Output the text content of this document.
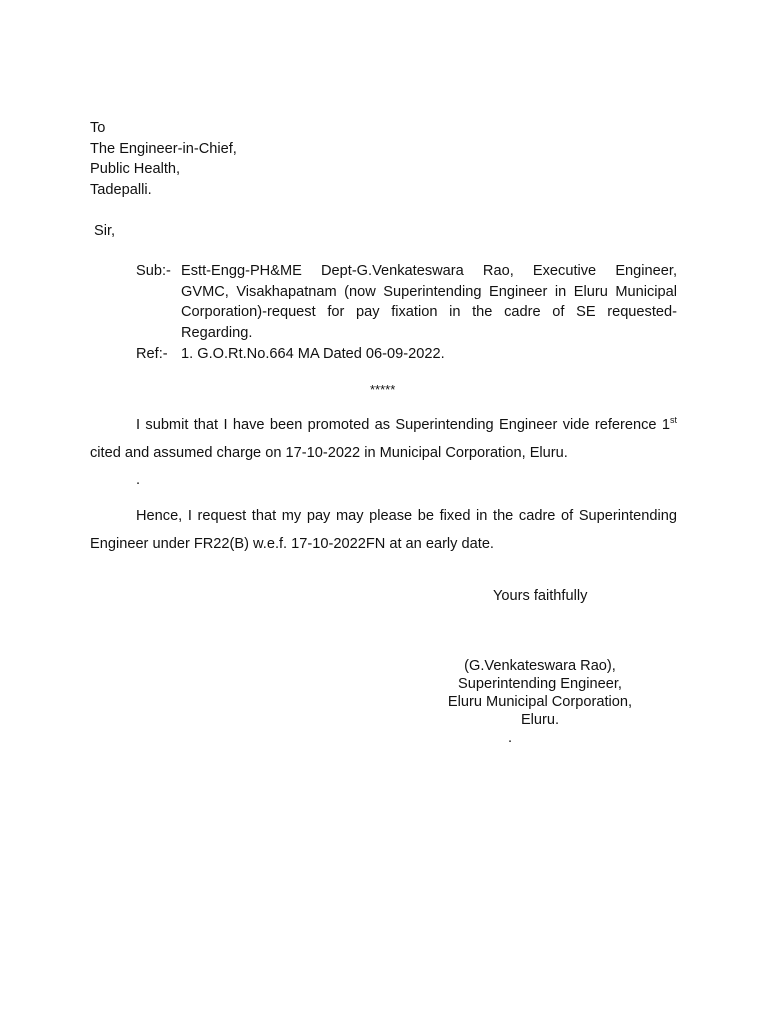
To
The Engineer-in-Chief,
Public Health,
Tadepalli.
Sir,
Sub:- Estt-Engg-PH&ME Dept-G.Venkateswara Rao, Executive Engineer,
GVMC, Visakhapatnam (now Superintending Engineer in Eluru Municipal
Corporation)-request for pay fixation in the cadre of SE requested-
Regarding.
Ref:- 1. G.O.Rt.No.664 MA Dated 06-09-2022.
*****
I submit that I have been promoted as Superintending Engineer vide reference 1st
cited and assumed charge on 17-10-2022 in Municipal Corporation, Eluru.
.
Hence, I request that my pay may please be fixed in the cadre of Superintending
Engineer under FR22(B) w.e.f. 17-10-2022FN at an early date.
Yours faithfully
(G.Venkateswara Rao),
Superintending Engineer,
Eluru Municipal Corporation,
Eluru.
.
